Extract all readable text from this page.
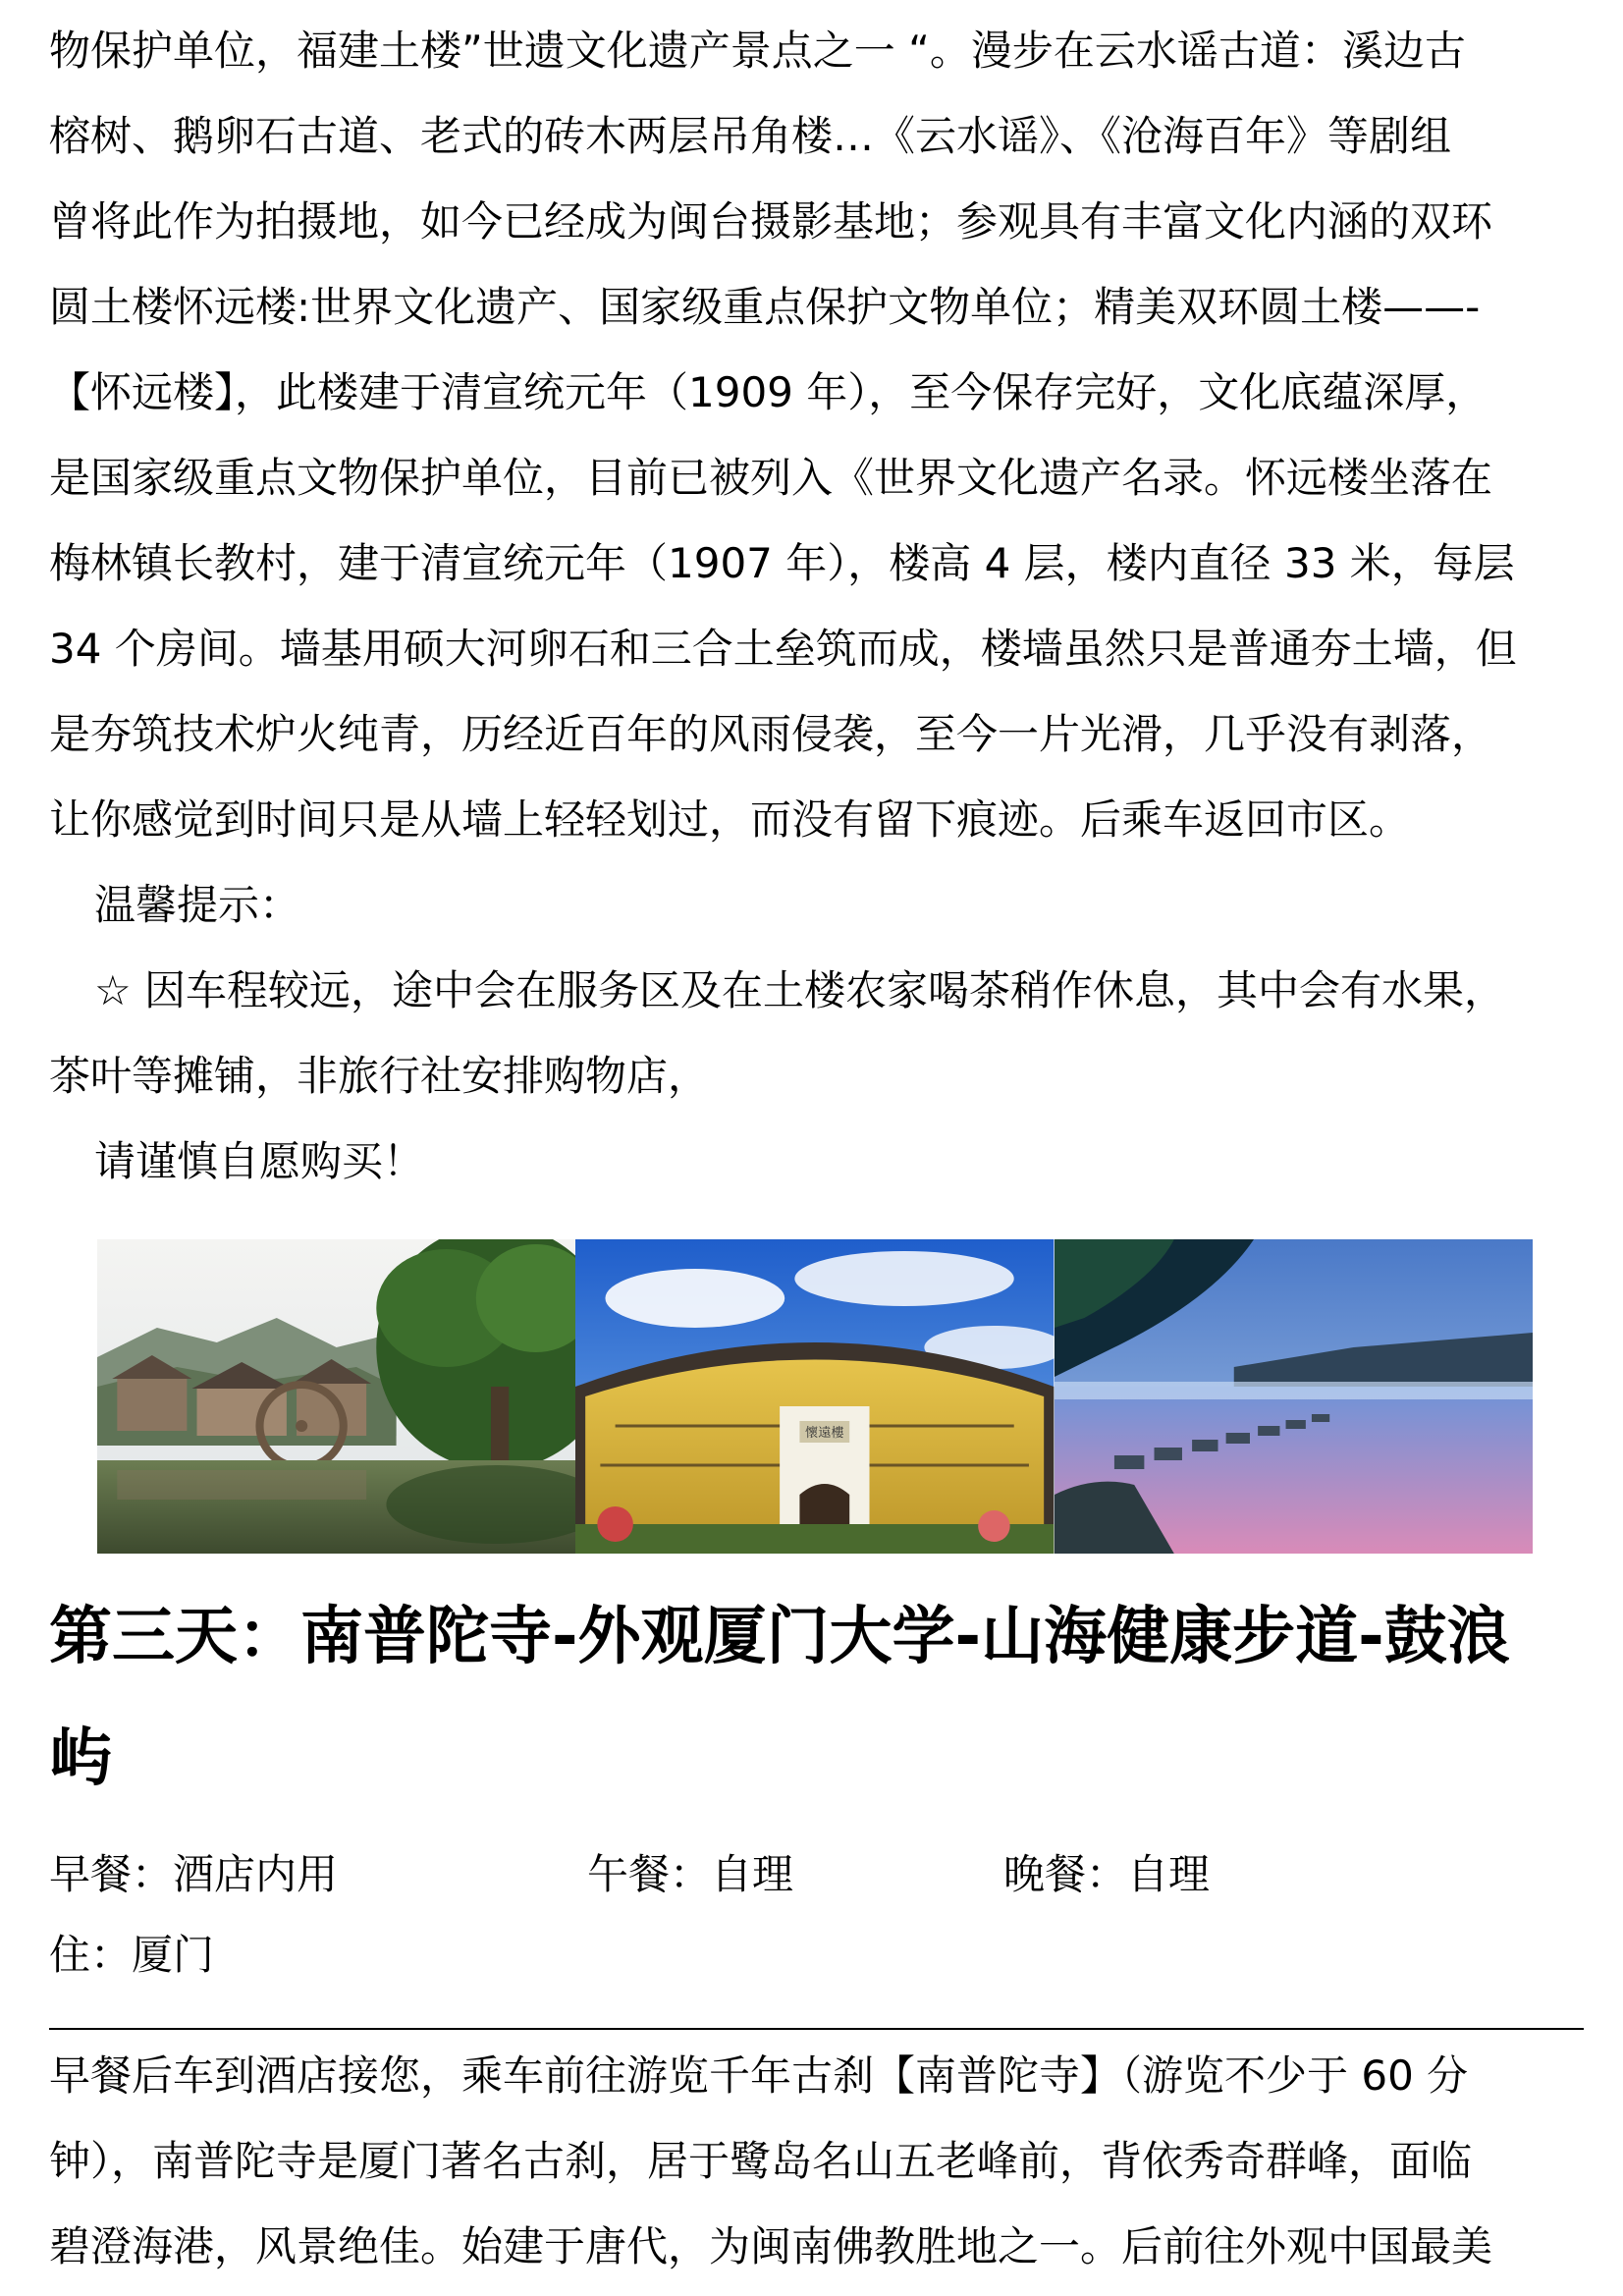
物保护单位，福建土楼”世遗文化遗产景点之一 “。漫步在云水谣古道：溪边古

榕树、鹅卵石古道、老式的砖木两层吊角楼…《云水谣》、《沧海百年》等剧组

曾将此作为拍摄地，如今已经成为闽台摄影基地；参观具有丰富文化内涵的双环

圆土楼怀远楼:世界文化遗产、国家级重点保护文物单位；精美双环圆土楼——-

【怀远楼】，此楼建于清宣统元年（1909 年），至今保存完好，文化底蕴深厚，

是国家级重点文物保护单位，目前已被列入《世界文化遗产名录。怀远楼坐落在

梅林镇长教村，建于清宣统元年（1907 年），楼高 4 层，楼内直径 33 米，每层

34 个房间。墙基用硕大河卵石和三合土垒筑而成，楼墙虽然只是普通夯土墙，但

是夯筑技术炉火纯青，历经近百年的风雨侵袭，至今一片光滑，几乎没有剥落，

让你感觉到时间只是从墙上轻轻划过，而没有留下痕迹。后乘车返回市区。

温馨提示：

☆ 因车程较远，途中会在服务区及在土楼农家喝茶稍作休息，其中会有水果，

茶叶等摊铺，非旅行社安排购物店，

请谨慎自愿购买！

懷遠樓
第三天：南普陀寺-外观厦门大学-山海健康步道-鼓浪
屿
早餐：酒店内用	午餐：自理	晚餐：自理
住：厦门

早餐后车到酒店接您，乘车前往游览千年古刹【南普陀寺】（游览不少于 60 分

钟），南普陀寺是厦门著名古刹，居于鹭岛名山五老峰前，背依秀奇群峰，面临

碧澄海港，风景绝佳。始建于唐代，为闽南佛教胜地之一。后前往外观中国最美
